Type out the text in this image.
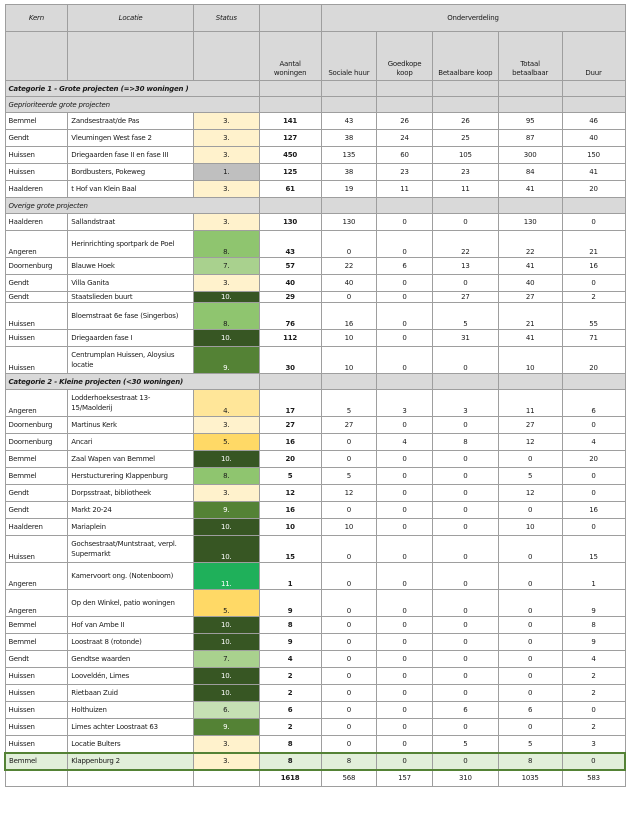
Kern	Locatie	Status		Onderverdeling				
			Aantal woningen	Sociale huur	Goedkope koop	Betaalbare koop	Totaal betaalbaar	Duur
Categorie 1 - Grote projecten (=>30 woningen )								
Geprioriteerde grote projecten								
Bemmel	Zandsestraat/de Pas	3.	141	43	26	26	95	46
Gendt	Vleumingen West fase 2	3.	127	38	24	25	87	40
Huissen	Driegaarden fase II en fase III	3.	450	135	60	105	300	150
Huissen	Bordbusters, Pokeweg	1.	125	38	23	23	84	41
Haalderen	t Hof van Klein Baal	3.	61	19	11	11	41	20
Overige grote projecten								
Haalderen	Sallandstraat	3.	130	130	0	0	130	0
Angeren	Herinrichting sportpark de Poel	8.	43	0	0	22	22	21
Doornenburg	Blauwe Hoek	7.	57	22	6	13	41	16
Gendt	Villa Ganita	3.	40	40	0	0	40	0
Gendt	Staatslieden buurt	10.	29	0	0	27	27	2
Huissen	Bloemstraat 6e fase (Singerbos)	8.	76	16	0	5	21	55
Huissen	Driegaarden fase I	10.	112	10	0	31	41	71
Huissen	Centrumplan Huissen, Aloysius locatie	9.	30	10	0	0	10	20
Categorie 2 - Kleine projecten (<30 woningen)								
Angeren	Lodderhoeksestraat 13-15/Maolderij	4.	17	5	3	3	11	6
Doornenburg	Martinus Kerk	3.	27	27	0	0	27	0
Doornenburg	Ancari	5.	16	0	4	8	12	4
Bemmel	Zaal Wapen van Bemmel	10.	20	0	0	0	0	20
Bemmel	Herstucturering Klappenburg	8.	5	5	0	0	5	0
Gendt	Dorpsstraat, bibliotheek	3.	12	12	0	0	12	0
Gendt	Markt 20-24	9.	16	0	0	0	0	16
Haalderen	Mariaplein	10.	10	10	0	0	10	0
Huissen	Gochsestraat/Muntstraat, verpl. Supermarkt	10.	15	0	0	0	0	15
Angeren	Kamervoort ong. (Notenboom)	11.	1	0	0	0	0	1
Angeren	Op den Winkel, patio woningen	5.	9	0	0	0	0	9
Bemmel	Hof van Ambe II	10.	8	0	0	0	0	8
Bemmel	Loostraat 8 (rotonde)	10.	9	0	0	0	0	9
Gendt	Gendtse waarden	7.	4	0	0	0	0	4
Huissen	Looveldén, Limes	10.	2	0	0	0	0	2
Huissen	Rietbaan Zuid	10.	2	0	0	0	0	2
Huissen	Holthuizen	6.	6	0	0	6	6	0
Huissen	Limes achter Loostraat 63	9.	2	0	0	0	0	2
Huissen	Locatie Bulters	3.	8	0	0	5	5	3
Bemmel	Klappenburg 2	3.	8	8	0	0	8	0
			1618	568	157	310	1035	583
